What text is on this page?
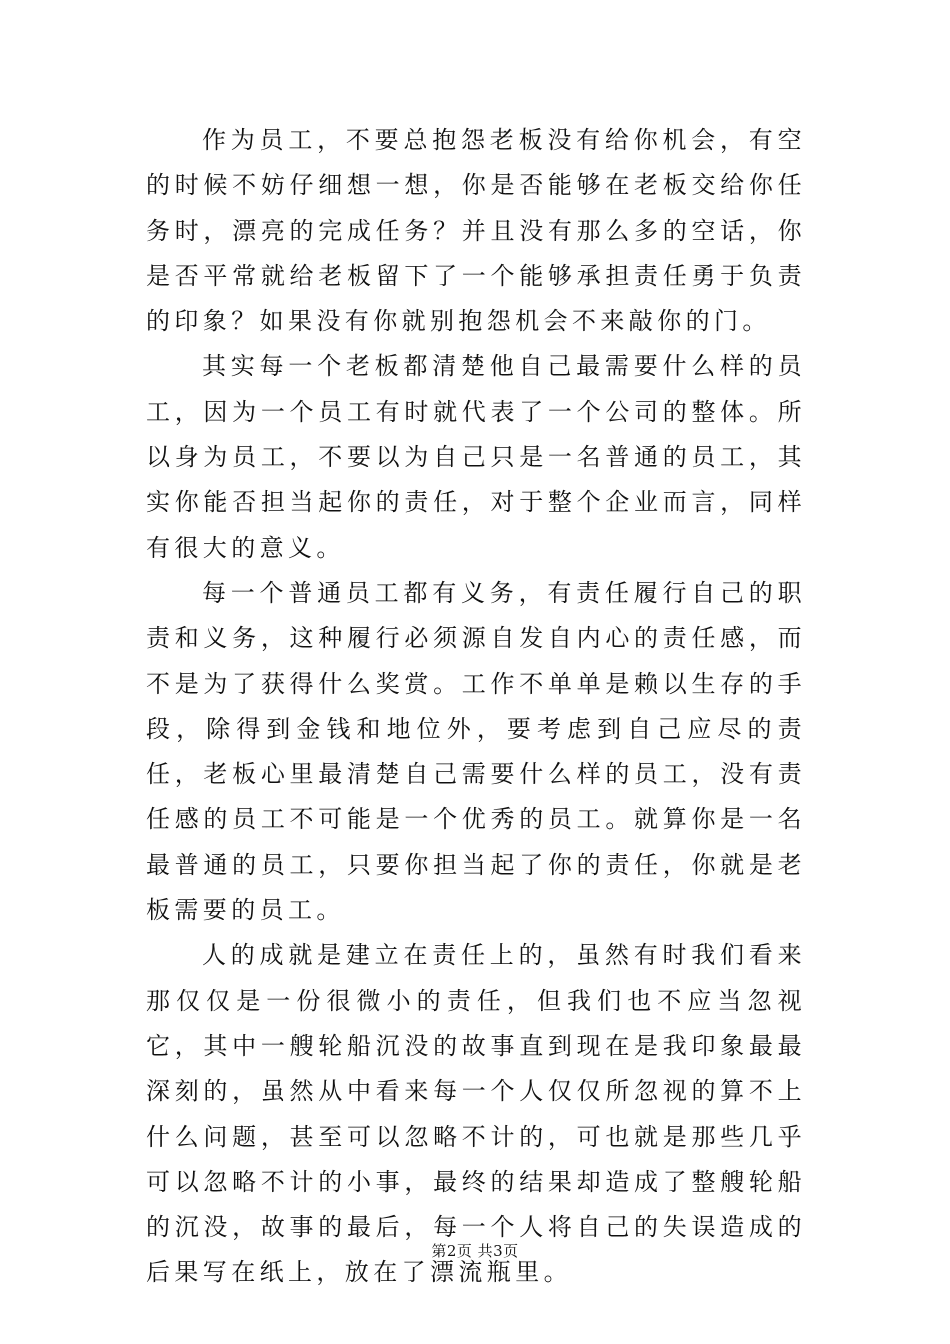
作为员工，不要总抱怨老板没有给你机会，有空的时候不妨仔细想一想，你是否能够在老板交给你任务时，漂亮的完成任务？并且没有那么多的空话，你是否平常就给老板留下了一个能够承担责任勇于负责的印象？如果没有你就别抱怨机会不来敲你的门。

其实每一个老板都清楚他自己最需要什么样的员工，因为一个员工有时就代表了一个公司的整体。所以身为员工，不要以为自己只是一名普通的员工，其实你能否担当起你的责任，对于整个企业而言，同样有很大的意义。

每一个普通员工都有义务，有责任履行自己的职责和义务，这种履行必须源自发自内心的责任感，而不是为了获得什么奖赏。工作不单单是赖以生存的手段，除得到金钱和地位外，要考虑到自己应尽的责任，老板心里最清楚自己需要什么样的员工，没有责任感的员工不可能是一个优秀的员工。就算你是一名最普通的员工，只要你担当起了你的责任，你就是老板需要的员工。

人的成就是建立在责任上的，虽然有时我们看来那仅仅是一份很微小的责任，但我们也不应当忽视它，其中一艘轮船沉没的故事直到现在是我印象最最深刻的，虽然从中看来每一个人仅仅所忽视的算不上什么问题，甚至可以忽略不计的，可也就是那些几乎可以忽略不计的小事，最终的结果却造成了整艘轮船的沉没，故事的最后，每一个人将自己的失误造成的后果写在纸上，放在了漂流瓶里。

第2页 共3页
